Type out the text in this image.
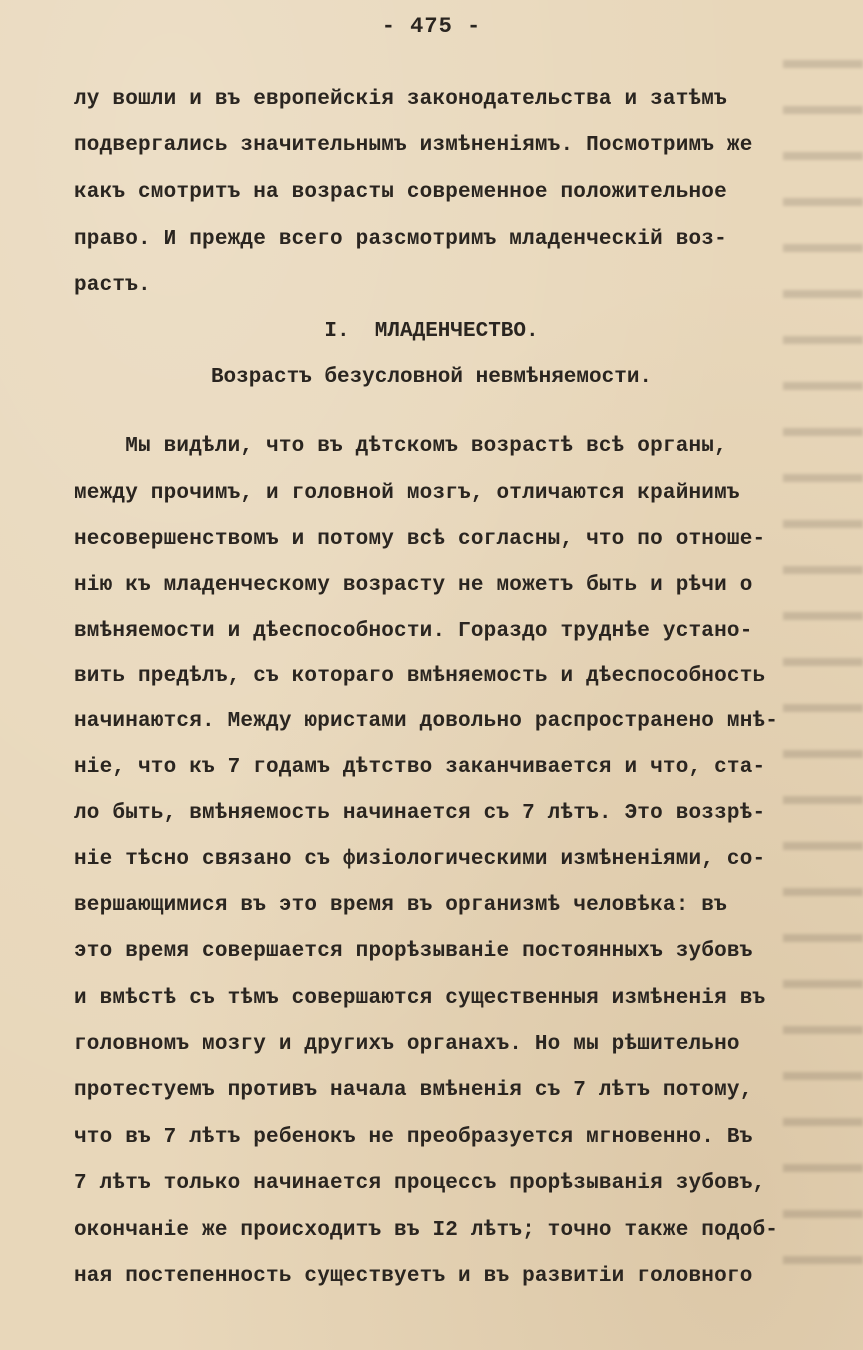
- 475 -
лу вошли и въ европейскія законодательства и затѣмъ
подвергались значительнымъ измѣненіямъ. Посмотримъ же
какъ смотритъ на возрасты современное положительное
право. И прежде всего разсмотримъ младенческій воз-
растъ.
I.  МЛАДЕНЧЕСТВО.
Возрастъ безусловной невмѣняемости.
Мы видѣли, что въ дѣтскомъ возрастѣ всѣ органы,
между прочимъ, и головной мозгъ, отличаются крайнимъ
несовершенствомъ и потому всѣ согласны, что по отноше-
нію къ младенческому возрасту не можетъ быть и рѣчи о
вмѣняемости и дѣеспособности. Гораздо труднѣе устано-
вить предѣлъ, съ котораго вмѣняемость и дѣеспособность
начинаются. Между юристами довольно распространено мнѣ-
ніе, что къ 7 годамъ дѣтство заканчивается и что, ста-
ло быть, вмѣняемость начинается съ 7 лѣтъ. Это воззрѣ-
ніе тѣсно связано съ физіологическими измѣненіями, со-
вершающимися въ это время въ организмѣ человѣка: въ
это время совершается прорѣзываніе постоянныхъ зубовъ
и вмѣстѣ съ тѣмъ совершаются существенныя измѣненія въ
головномъ мозгу и другихъ органахъ. Но мы рѣшительно
протестуемъ противъ начала вмѣненія съ 7 лѣтъ потому,
что въ 7 лѣтъ ребенокъ не преобразуется мгновенно. Въ
7 лѣтъ только начинается процессъ прорѣзыванія зубовъ,
окончаніе же происходитъ въ I2 лѣтъ; точно также подоб-
ная постепенность существуетъ и въ развитіи головного
